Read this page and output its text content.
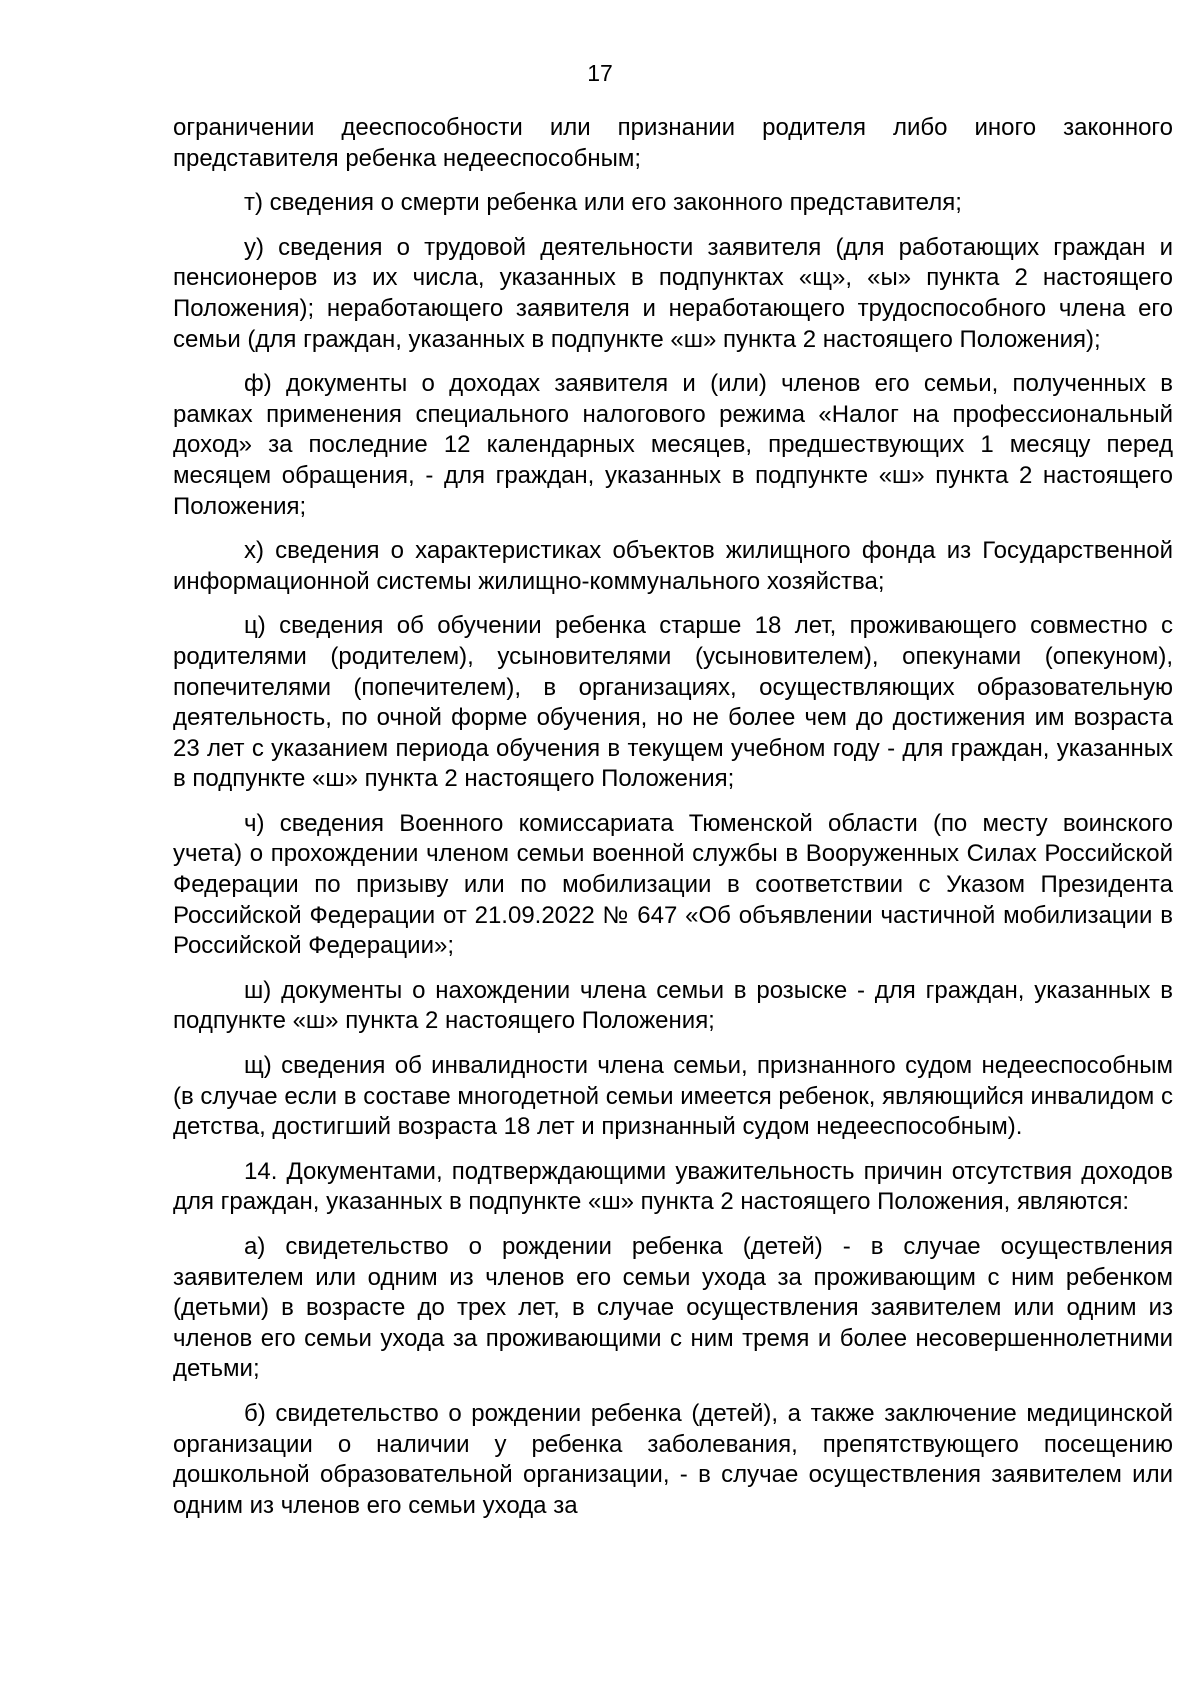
17

ограничении дееспособности или признании родителя либо иного законного представителя ребенка недееспособным;

т) сведения о смерти ребенка или его законного представителя;

у) сведения о трудовой деятельности заявителя (для работающих граждан и пенсионеров из их числа, указанных в подпунктах «щ», «ы» пункта 2 настоящего Положения); неработающего заявителя и неработающего трудоспособного члена его семьи (для граждан, указанных в подпункте «ш» пункта 2 настоящего Положения);

ф) документы о доходах заявителя и (или) членов его семьи, полученных в рамках применения специального налогового режима «Налог на профессиональный доход» за последние 12 календарных месяцев, предшествующих 1 месяцу перед месяцем обращения, - для граждан, указанных в подпункте «ш» пункта 2 настоящего Положения;

х) сведения о характеристиках объектов жилищного фонда из Государственной информационной системы жилищно-коммунального хозяйства;

ц) сведения об обучении ребенка старше 18 лет, проживающего совместно с родителями (родителем), усыновителями (усыновителем), опекунами (опекуном), попечителями (попечителем), в организациях, осуществляющих образовательную деятельность, по очной форме обучения, но не более чем до достижения им возраста 23 лет с указанием периода обучения в текущем учебном году - для граждан, указанных в подпункте «ш» пункта 2 настоящего Положения;

ч) сведения Военного комиссариата Тюменской области (по месту воинского учета) о прохождении членом семьи военной службы в Вооруженных Силах Российской Федерации по призыву или по мобилизации в соответствии с Указом Президента Российской Федерации от 21.09.2022 № 647 «Об объявлении частичной мобилизации в Российской Федерации»;

ш) документы о нахождении члена семьи в розыске - для граждан, указанных в подпункте «ш» пункта 2 настоящего Положения;

щ) сведения об инвалидности члена семьи, признанного судом недееспособным (в случае если в составе многодетной семьи имеется ребенок, являющийся инвалидом с детства, достигший возраста 18 лет и признанный судом недееспособным).

14. Документами, подтверждающими уважительность причин отсутствия доходов для граждан, указанных в подпункте «ш» пункта 2 настоящего Положения, являются:

а) свидетельство о рождении ребенка (детей) - в случае осуществления заявителем или одним из членов его семьи ухода за проживающим с ним ребенком (детьми) в возрасте до трех лет, в случае осуществления заявителем или одним из членов его семьи ухода за проживающими с ним тремя и более несовершеннолетними детьми;

б) свидетельство о рождении ребенка (детей), а также заключение медицинской организации о наличии у ребенка заболевания, препятствующего посещению дошкольной образовательной организации, - в случае осуществления заявителем или одним из членов его семьи ухода за
